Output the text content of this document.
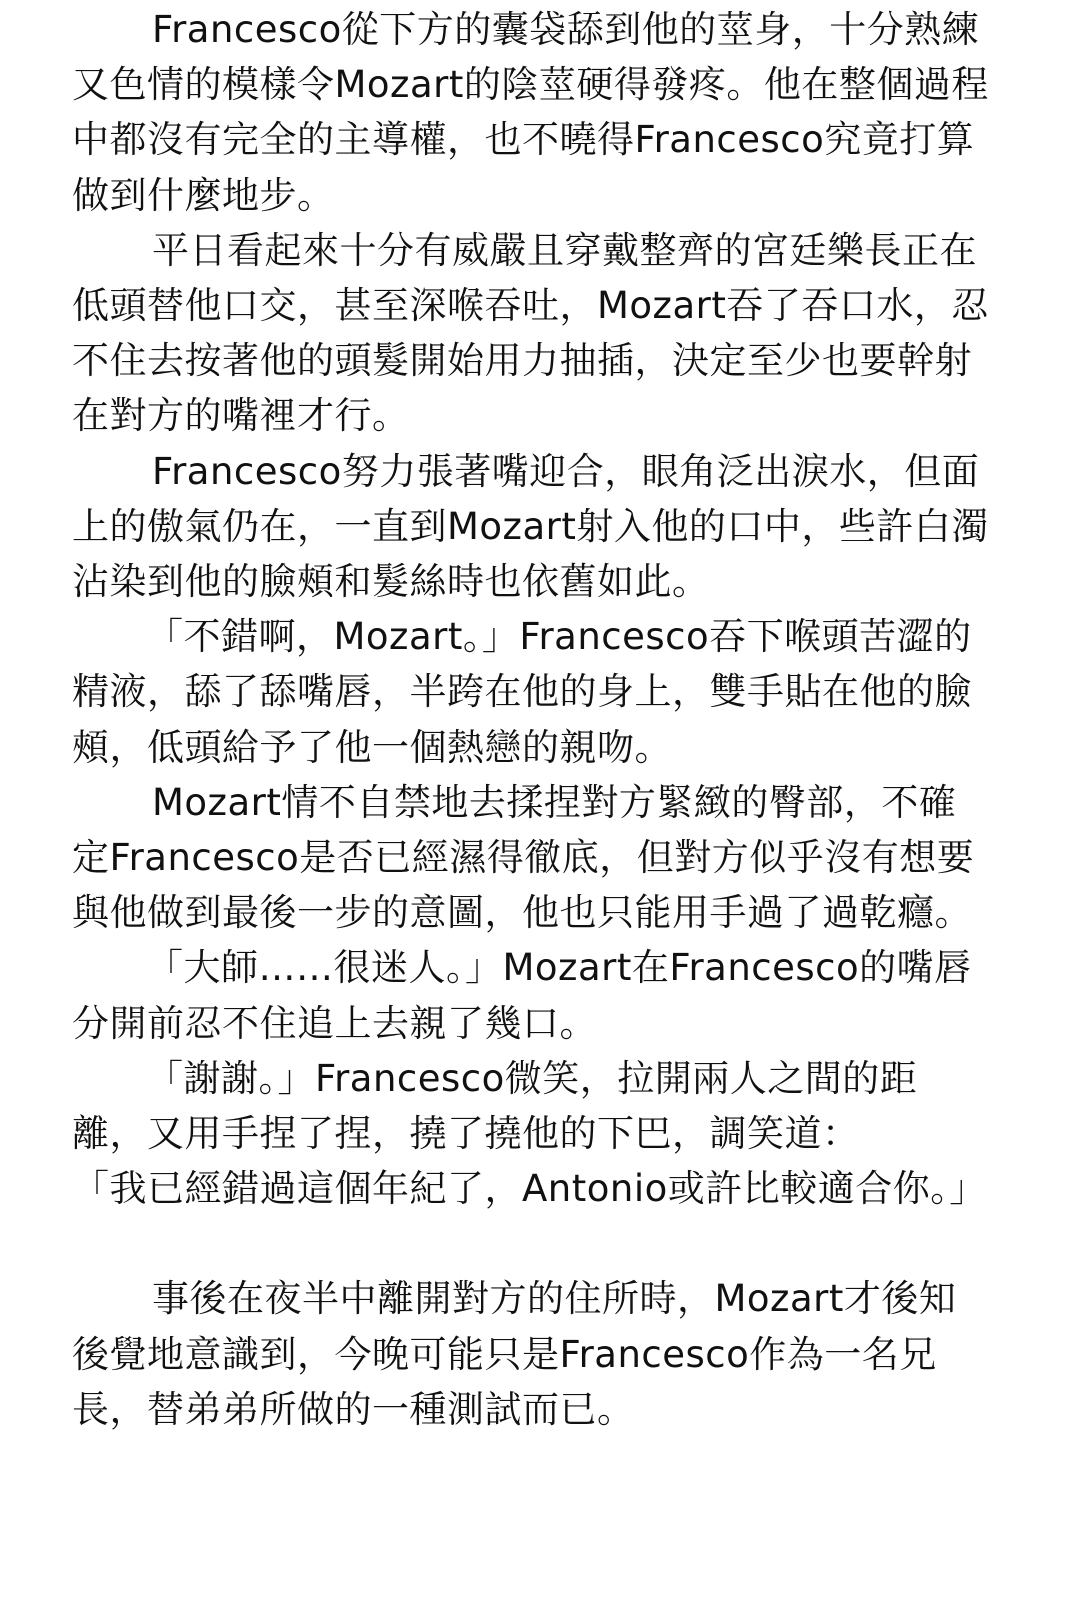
Francesco從下方的囊袋舔到他的莖身，十分熟練又色情的模樣令Mozart的陰莖硬得發疼。他在整個過程中都沒有完全的主導權，也不曉得Francesco究竟打算做到什麼地步。

平日看起來十分有威嚴且穿戴整齊的宮廷樂長正在低頭替他口交，甚至深喉吞吐，Mozart吞了吞口水，忍不住去按著他的頭髮開始用力抽插，決定至少也要幹射在對方的嘴裡才行。

Francesco努力張著嘴迎合，眼角泛出淚水，但面上的傲氣仍在，一直到Mozart射入他的口中，些許白濁沾染到他的臉頰和髮絲時也依舊如此。

「不錯啊，Mozart。」Francesco吞下喉頭苦澀的精液，舔了舔嘴唇，半跨在他的身上，雙手貼在他的臉頰，低頭給予了他一個熱戀的親吻。

Mozart情不自禁地去揉捏對方緊緻的臀部，不確定Francesco是否已經濕得徹底，但對方似乎沒有想要與他做到最後一步的意圖，他也只能用手過了過乾癮。

「大師……很迷人。」Mozart在Francesco的嘴唇分開前忍不住追上去親了幾口。

「謝謝。」Francesco微笑，拉開兩人之間的距離，又用手捏了捏，撓了撓他的下巴，調笑道：

「我已經錯過這個年紀了，Antonio或許比較適合你。」

事後在夜半中離開對方的住所時，Mozart才後知後覺地意識到，今晚可能只是Francesco作為一名兄長，替弟弟所做的一種測試而已。
